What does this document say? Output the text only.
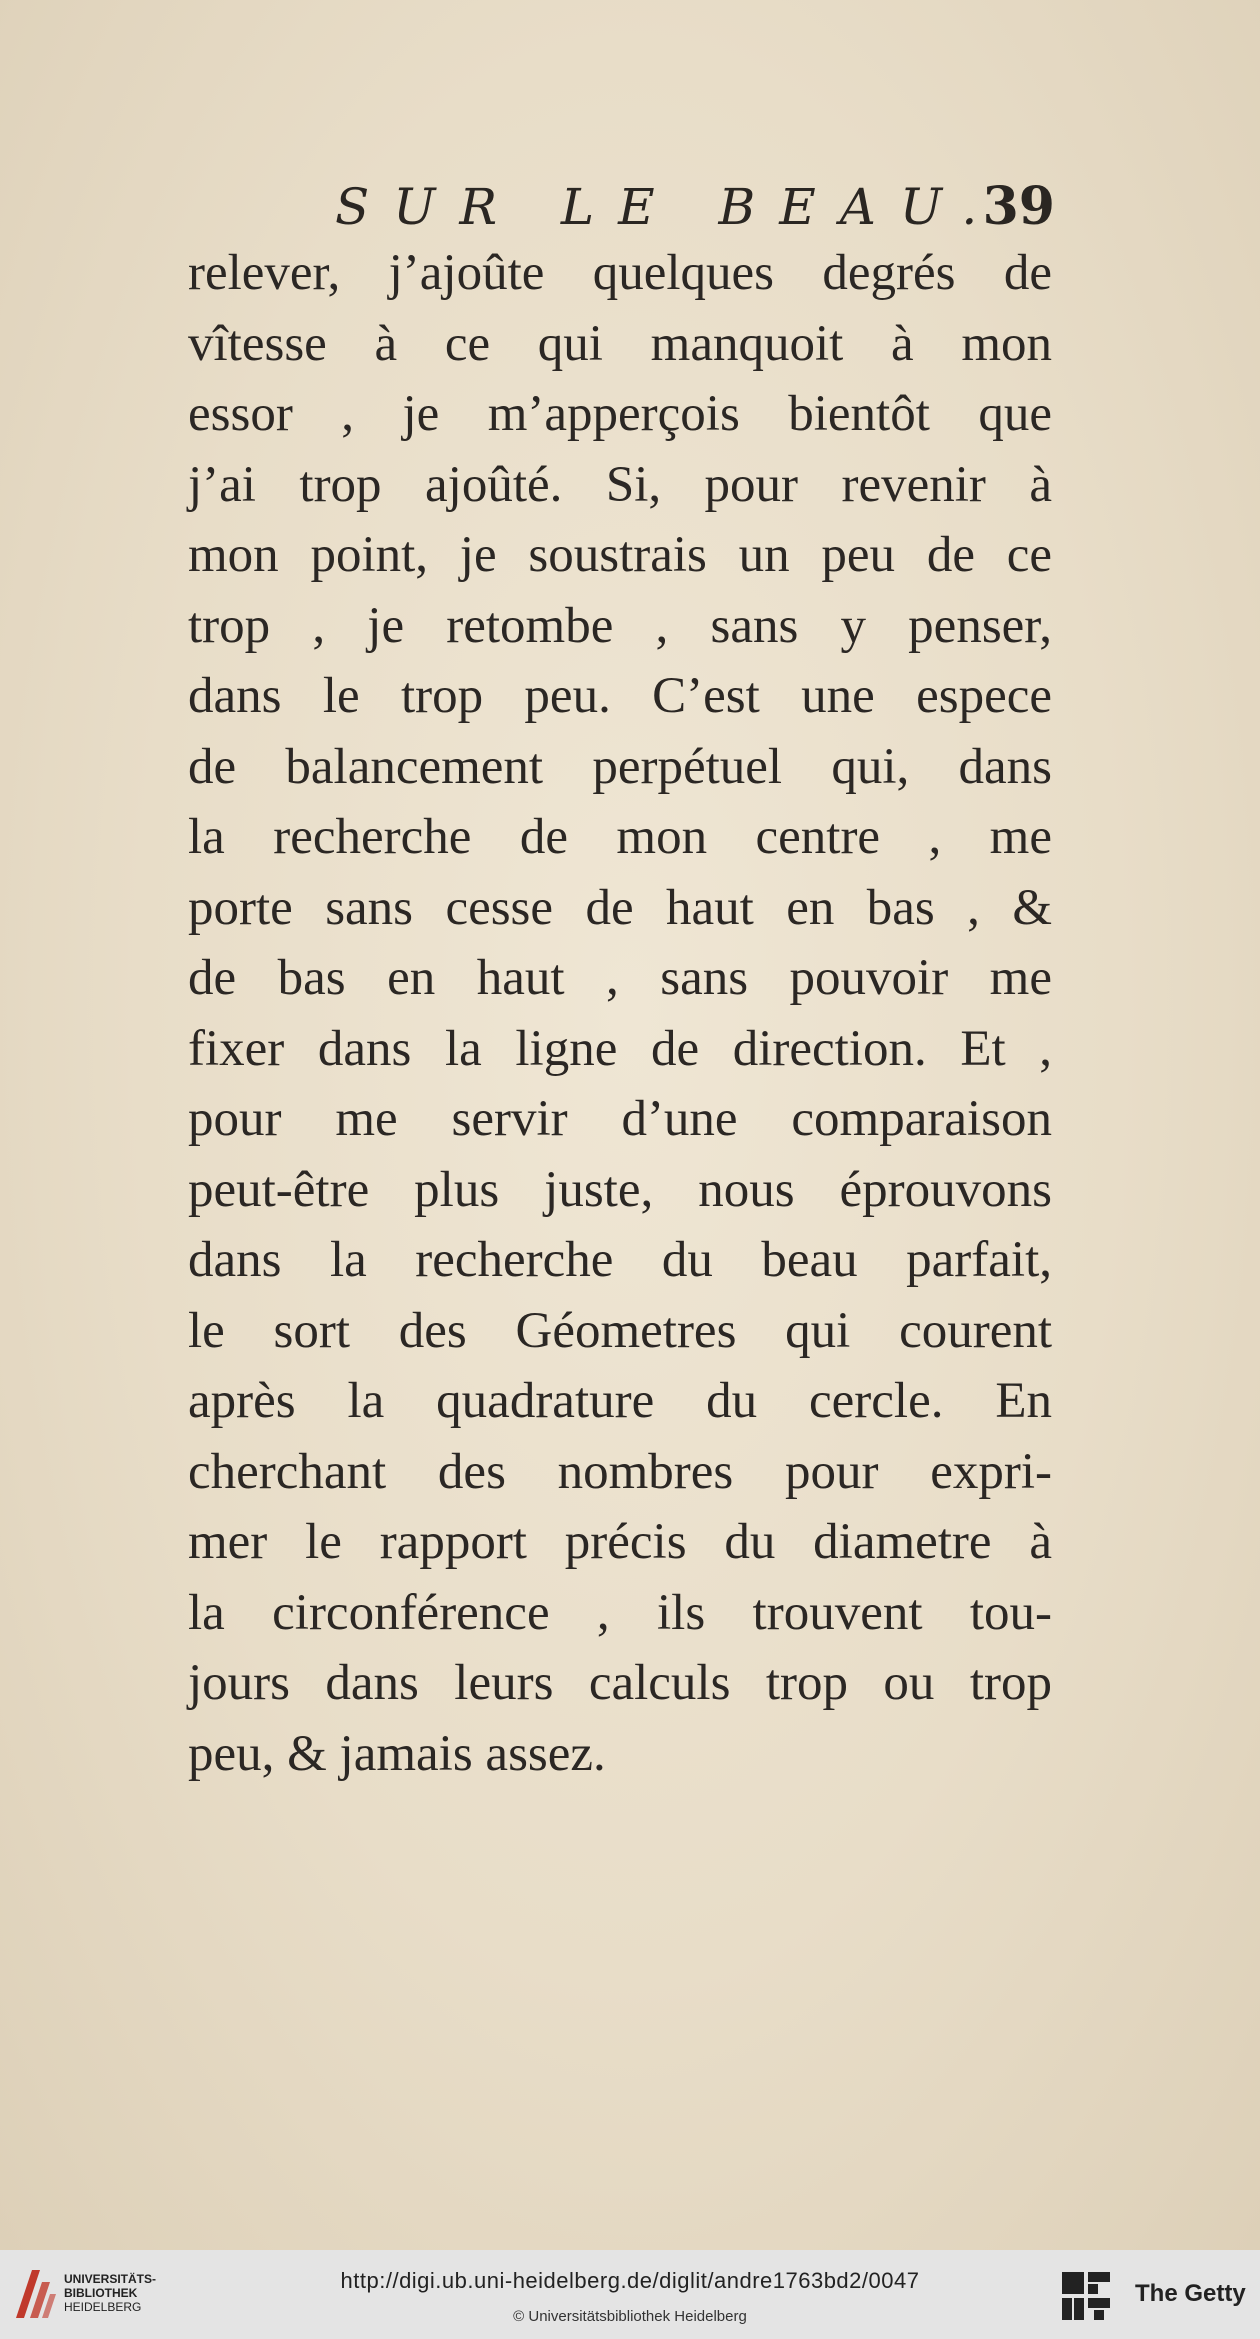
SUR LE BEAU.
39
relever, j’ajoûte quelques degrés de
vîtesse à ce qui manquoit à mon
essor , je m’apperçois bientôt que
j’ai trop ajoûté. Si, pour revenir à
mon point, je soustrais un peu de ce
trop , je retombe , sans y penser,
dans le trop peu. C’est une espece
de balancement perpétuel qui, dans
la recherche de mon centre , me
porte sans cesse de haut en bas , &
de bas en haut , sans pouvoir me
fixer dans la ligne de direction. Et ,
pour me servir d’une comparaison
peut-être plus juste, nous éprouvons
dans la recherche du beau parfait,
le sort des Géometres qui courent
après la quadrature du cercle. En
cherchant des nombres pour expri-
mer le rapport précis du diametre à
la circonférence , ils trouvent tou-
jours dans leurs calculs trop ou trop
peu, & jamais assez.
UNIVERSITÄTS-
BIBLIOTHEK
HEIDELBERG
http://digi.ub.uni-heidelberg.de/diglit/andre1763bd2/0047
© Universitätsbibliothek Heidelberg
The Getty
